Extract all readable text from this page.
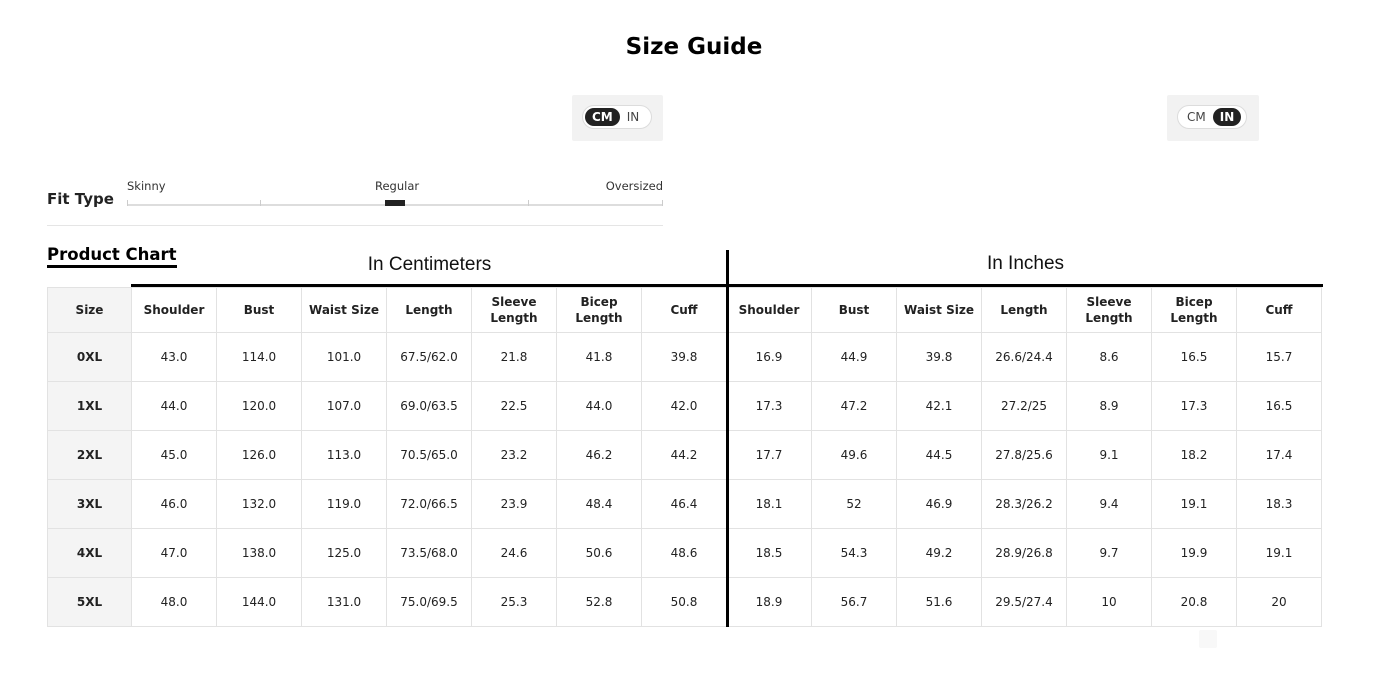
Size Guide
CM	IN	CM	IN
Fit Type
Skinny	Regular	Oversized
Product Chart	In Centimeters	In Inches
Size	Shoulder	Bust	Waist Size	Length	Sleeve Length	Bicep Length	Cuff	Shoulder	Bust	Waist Size	Length	Sleeve Length	Bicep Length	Cuff
0XL	43.0	114.0	101.0	67.5/62.0	21.8	41.8	39.8	16.9	44.9	39.8	26.6/24.4	8.6	16.5	15.7
1XL	44.0	120.0	107.0	69.0/63.5	22.5	44.0	42.0	17.3	47.2	42.1	27.2/25	8.9	17.3	16.5
2XL	45.0	126.0	113.0	70.5/65.0	23.2	46.2	44.2	17.7	49.6	44.5	27.8/25.6	9.1	18.2	17.4
3XL	46.0	132.0	119.0	72.0/66.5	23.9	48.4	46.4	18.1	52	46.9	28.3/26.2	9.4	19.1	18.3
4XL	47.0	138.0	125.0	73.5/68.0	24.6	50.6	48.6	18.5	54.3	49.2	28.9/26.8	9.7	19.9	19.1
5XL	48.0	144.0	131.0	75.0/69.5	25.3	52.8	50.8	18.9	56.7	51.6	29.5/27.4	10	20.8	20
